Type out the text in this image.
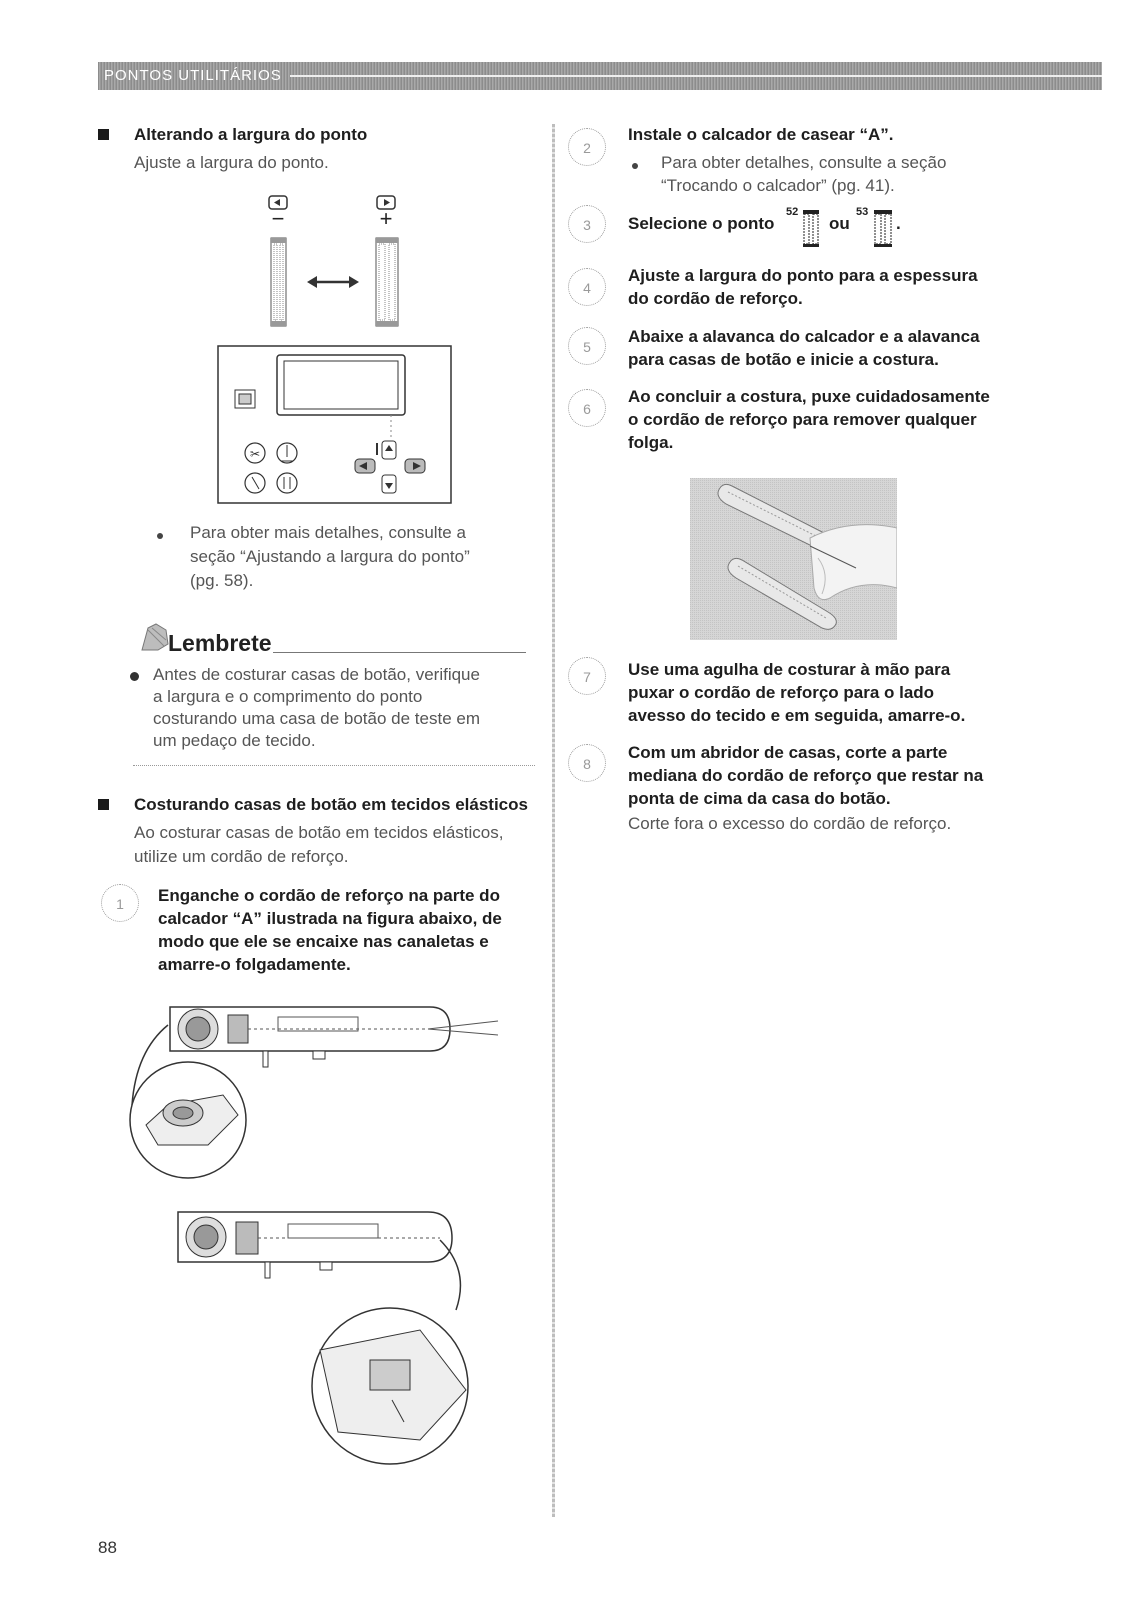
PONTOS UTILITÁRIOS
Alterando a largura do ponto
Ajuste a largura do ponto.
−	+
✂
Para obter mais detalhes, consulte a
seção “Ajustando a largura do ponto”
(pg. 58).
Lembrete
Antes de costurar casas de botão, verifique
a largura e o comprimento do ponto
costurando uma casa de botão de teste em
um pedaço de tecido.
Costurando casas de botão em tecidos elásticos
Ao costurar casas de botão em tecidos elásticos,
utilize um cordão de reforço.
1	Enganche o cordão de reforço na parte do
calcador “A” ilustrada na figura abaixo, de
modo que ele se encaixe nas canaletas e
amarre-o folgadamente.
2
Instale o calcador de casear “A”.
Para obter detalhes, consulte a seção
“Trocando o calcador” (pg. 41).
3	Selecione o ponto
52
ou
53
.
4
Ajuste a largura do ponto para a espessura
do cordão de reforço.
5
Abaixe a alavanca do calcador e a alavanca
para casas de botão e inicie a costura.
6
Ao concluir a costura, puxe cuidadosamente
o cordão de reforço para remover qualquer
folga.
7	Use uma agulha de costurar à mão para
puxar o cordão de reforço para o lado
avesso do tecido e em seguida, amarre-o.
8
Com um abridor de casas, corte a parte
mediana do cordão de reforço que restar na
ponta de cima da casa do botão.
Corte fora o excesso do cordão de reforço.
88
